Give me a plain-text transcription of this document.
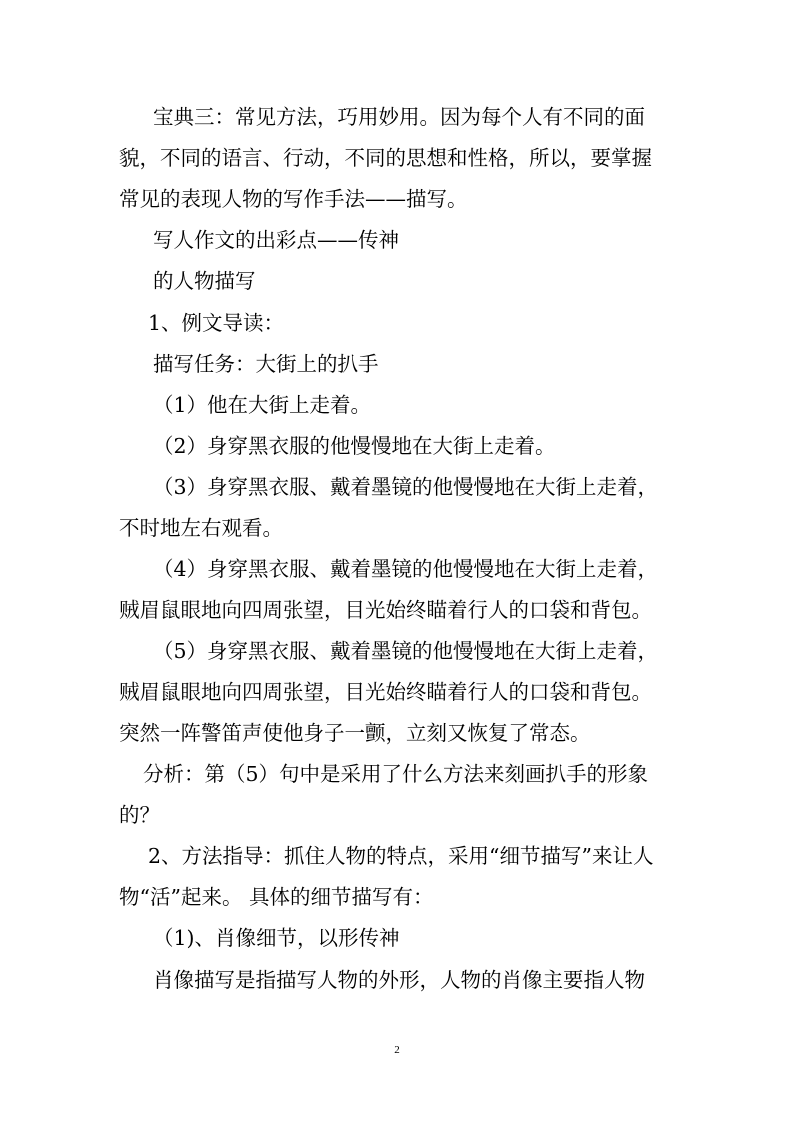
宝典三：常见方法，巧用妙用。因为每个人有不同的面

貌，不同的语言、行动，不同的思想和性格，所以，要掌握

常见的表现人物的写作手法——描写。

写人作文的出彩点——传神

的人物描写

1、例文导读：

描写任务：大街上的扒手

（1）他在大街上走着。

（2）身穿黑衣服的他慢慢地在大街上走着。

（3）身穿黑衣服、戴着墨镜的他慢慢地在大街上走着，

不时地左右观看。

（4）身穿黑衣服、戴着墨镜的他慢慢地在大街上走着，

贼眉鼠眼地向四周张望，目光始终瞄着行人的口袋和背包。

（5）身穿黑衣服、戴着墨镜的他慢慢地在大街上走着，

贼眉鼠眼地向四周张望，目光始终瞄着行人的口袋和背包。

突然一阵警笛声使他身子一颤，立刻又恢复了常态。

分析：第（5）句中是采用了什么方法来刻画扒手的形象

的？

2、方法指导：抓住人物的特点，采用“细节描写”来让人

物“活”起来。 具体的细节描写有：

（1)、肖像细节，以形传神

肖像描写是指描写人物的外形，人物的肖像主要指人物

2
